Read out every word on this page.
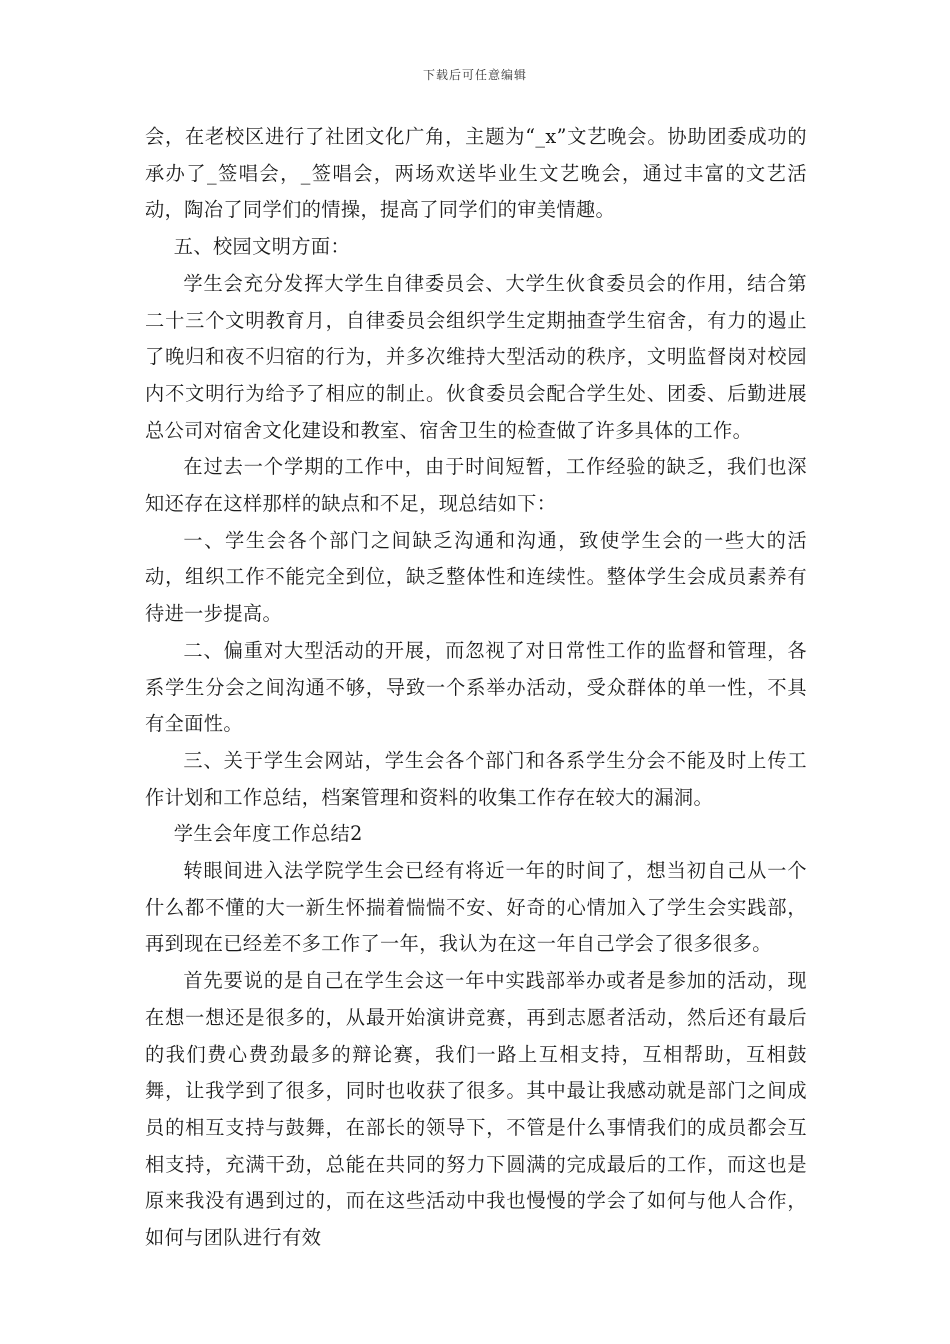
下载后可任意编辑

会，在老校区进行了社团文化广角，主题为“_x”文艺晚会。协助团委成功的承办了_签唱会，_签唱会，两场欢送毕业生文艺晚会，通过丰富的文艺活动，陶冶了同学们的情操，提高了同学们的审美情趣。

五、校园文明方面：

学生会充分发挥大学生自律委员会、大学生伙食委员会的作用，结合第二十三个文明教育月，自律委员会组织学生定期抽查学生宿舍，有力的遏止了晚归和夜不归宿的行为，并多次维持大型活动的秩序，文明监督岗对校园内不文明行为给予了相应的制止。伙食委员会配合学生处、团委、后勤进展总公司对宿舍文化建设和教室、宿舍卫生的检查做了许多具体的工作。

在过去一个学期的工作中，由于时间短暂，工作经验的缺乏，我们也深知还存在这样那样的缺点和不足，现总结如下：

一、学生会各个部门之间缺乏沟通和沟通，致使学生会的一些大的活动，组织工作不能完全到位，缺乏整体性和连续性。整体学生会成员素养有待进一步提高。

二、偏重对大型活动的开展，而忽视了对日常性工作的监督和管理，各系学生分会之间沟通不够，导致一个系举办活动，受众群体的单一性，不具有全面性。

三、关于学生会网站，学生会各个部门和各系学生分会不能及时上传工作计划和工作总结，档案管理和资料的收集工作存在较大的漏洞。

学生会年度工作总结2

转眼间进入法学院学生会已经有将近一年的时间了，想当初自己从一个什么都不懂的大一新生怀揣着惴惴不安、好奇的心情加入了学生会实践部，再到现在已经差不多工作了一年，我认为在这一年自己学会了很多很多。

首先要说的是自己在学生会这一年中实践部举办或者是参加的活动，现在想一想还是很多的，从最开始演讲竞赛，再到志愿者活动，然后还有最后的我们费心费劲最多的辩论赛，我们一路上互相支持，互相帮助，互相鼓舞，让我学到了很多，同时也收获了很多。其中最让我感动就是部门之间成员的相互支持与鼓舞，在部长的领导下，不管是什么事情我们的成员都会互相支持，充满干劲，总能在共同的努力下圆满的完成最后的工作，而这也是原来我没有遇到过的，而在这些活动中我也慢慢的学会了如何与他人合作，如何与团队进行有效
